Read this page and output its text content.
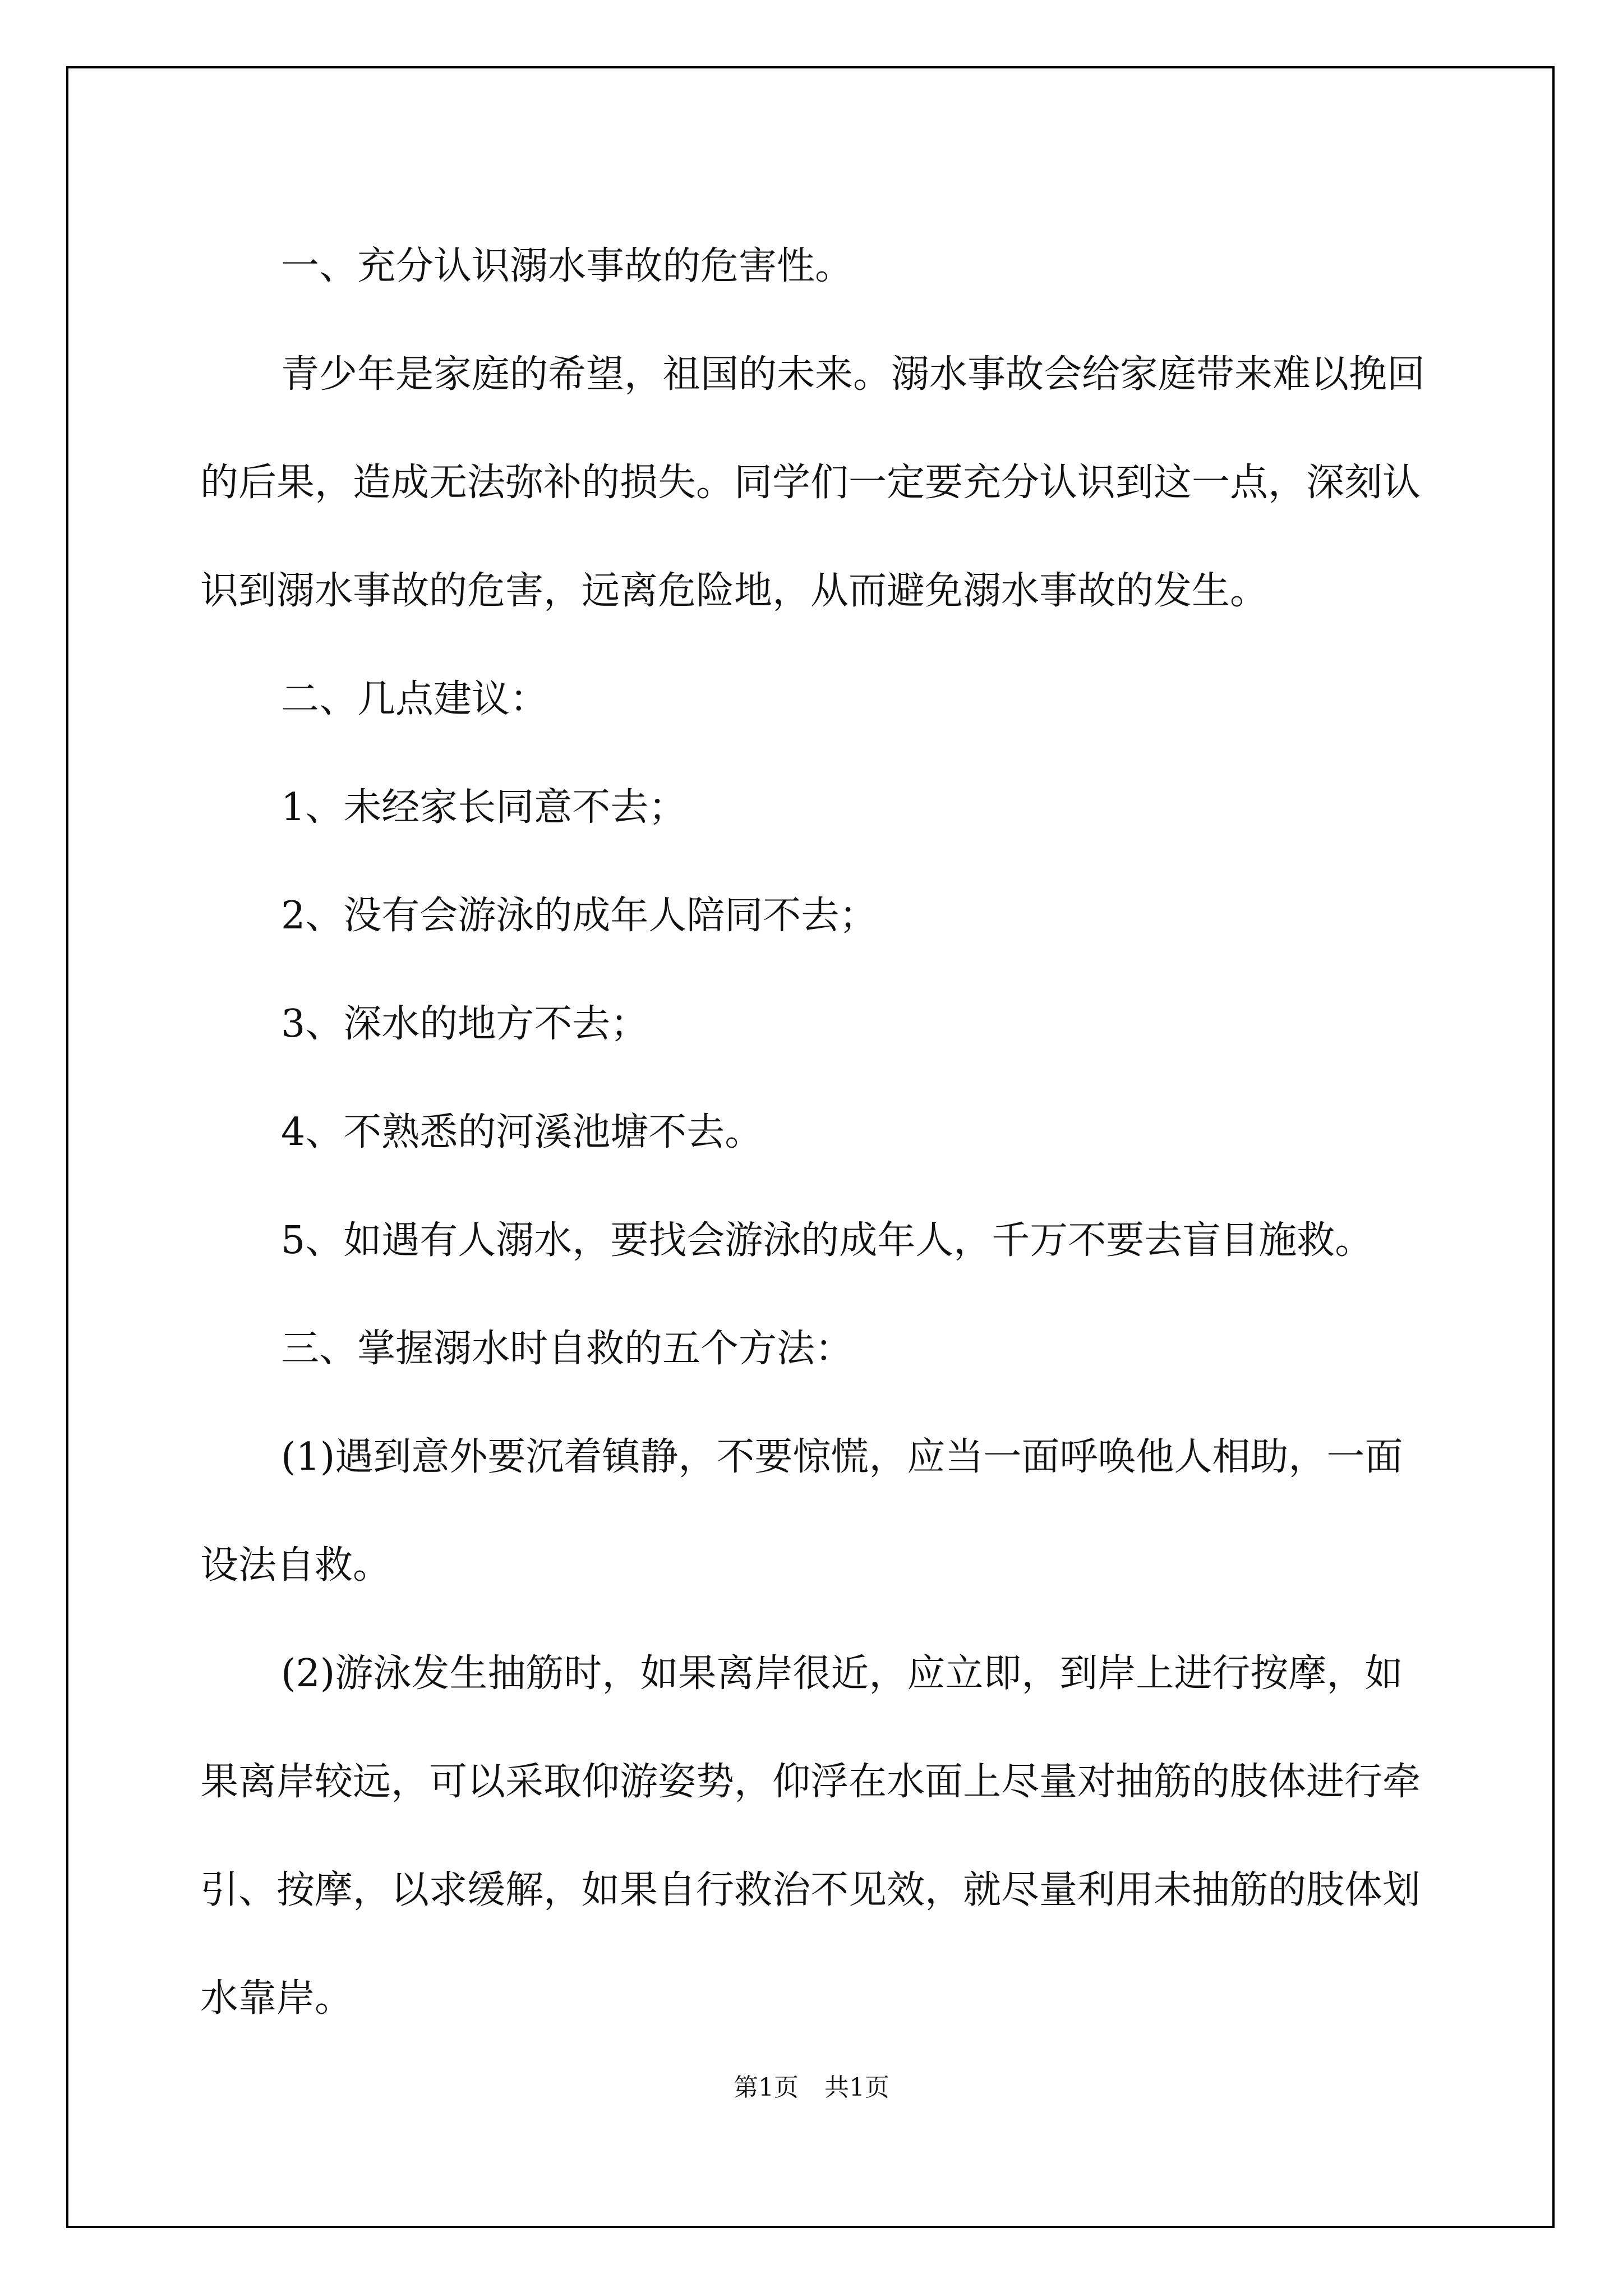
一、充分认识溺水事故的危害性。

青少年是家庭的希望，祖国的未来。溺水事故会给家庭带来难以挽回的后果，造成无法弥补的损失。同学们一定要充分认识到这一点，深刻认识到溺水事故的危害，远离危险地，从而避免溺水事故的发生。

二、几点建议：

1、未经家长同意不去；

2、没有会游泳的成年人陪同不去；

3、深水的地方不去；

4、不熟悉的河溪池塘不去。

5、如遇有人溺水，要找会游泳的成年人，千万不要去盲目施救。

三、掌握溺水时自救的五个方法：

(1)遇到意外要沉着镇静，不要惊慌，应当一面呼唤他人相助，一面设法自救。

(2)游泳发生抽筋时，如果离岸很近，应立即，到岸上进行按摩，如果离岸较远，可以采取仰游姿势，仰浮在水面上尽量对抽筋的肢体进行牵引、按摩，以求缓解，如果自行救治不见效，就尽量利用未抽筋的肢体划水靠岸。

第1页 共1页
